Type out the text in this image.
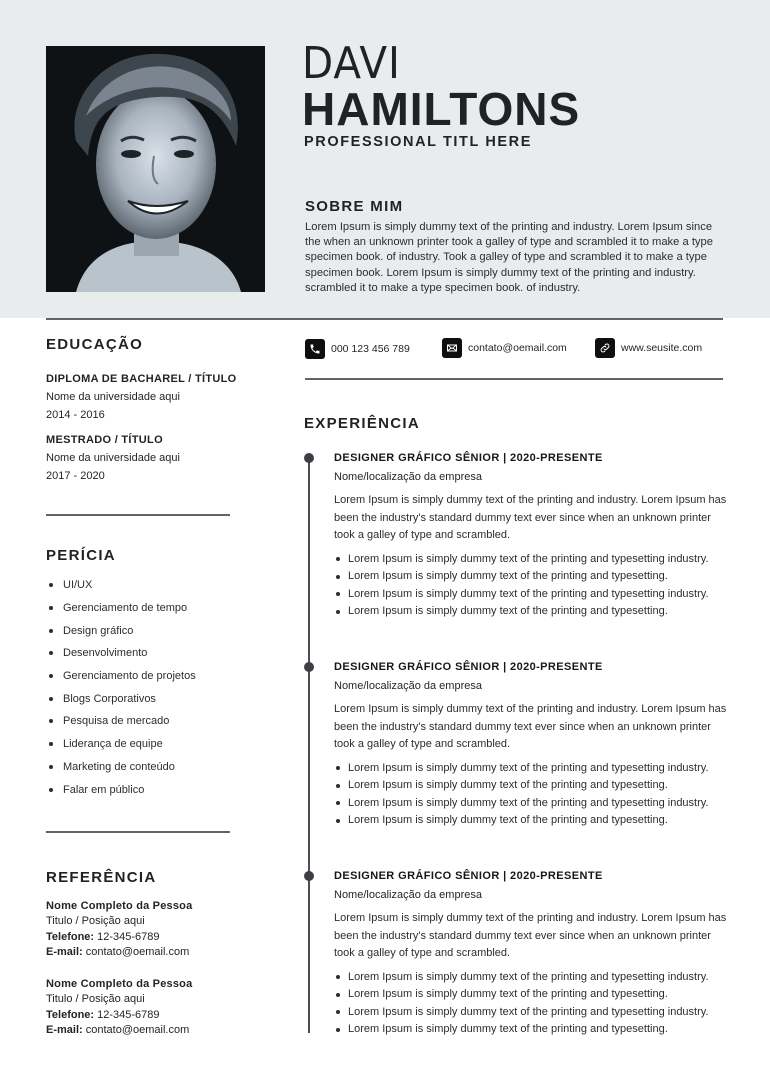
DAVI
HAMILTONS
PROFESSIONAL TITL HERE
SOBRE MIM
Lorem Ipsum is simply dummy text of the printing and industry. Lorem Ipsum since the when an unknown printer took a galley of type and scrambled it to make a type specimen book. of industry. Took a galley of type and scrambled it to make a type specimen book. Lorem Ipsum is simply dummy text of the printing and industry. scrambled it to make a type specimen book. of industry.
000 123 456 789	contato@oemail.com	www.seusite.com
EDUCAÇÃO
DIPLOMA DE BACHAREL / TÍTULO
Nome da universidade aqui
2014 - 2016
MESTRADO / TÍTULO
Nome da universidade aqui
2017 - 2020
PERÍCIA
UI/UX
Gerenciamento de tempo
Design gráfico
Desenvolvimento
Gerenciamento de projetos
Blogs Corporativos
Pesquisa de mercado
Liderança de equipe
Marketing de conteúdo
Falar em público
REFERÊNCIA
Nome Completo da Pessoa
Titulo / Posição aqui
Telefone: 12-345-6789
E-mail: contato@oemail.com
Nome Completo da Pessoa
Titulo / Posição aqui
Telefone: 12-345-6789
E-mail: contato@oemail.com
EXPERIÊNCIA
DESIGNER GRÁFICO SÊNIOR | 2020-PRESENTE
Nome/localização da empresa
Lorem Ipsum is simply dummy text of the printing and industry. Lorem Ipsum has been the industry's standard dummy text ever since when an unknown printer took a galley of type and scrambled.
Lorem Ipsum is simply dummy text of the printing and typesetting industry.
Lorem Ipsum is simply dummy text of the printing and typesetting.
Lorem Ipsum is simply dummy text of the printing and typesetting industry.
Lorem Ipsum is simply dummy text of the printing and typesetting.
DESIGNER GRÁFICO SÊNIOR | 2020-PRESENTE
Nome/localização da empresa
Lorem Ipsum is simply dummy text of the printing and industry. Lorem Ipsum has been the industry's standard dummy text ever since when an unknown printer took a galley of type and scrambled.
Lorem Ipsum is simply dummy text of the printing and typesetting industry.
Lorem Ipsum is simply dummy text of the printing and typesetting.
Lorem Ipsum is simply dummy text of the printing and typesetting industry.
Lorem Ipsum is simply dummy text of the printing and typesetting.
DESIGNER GRÁFICO SÊNIOR | 2020-PRESENTE
Nome/localização da empresa
Lorem Ipsum is simply dummy text of the printing and industry. Lorem Ipsum has been the industry's standard dummy text ever since when an unknown printer took a galley of type and scrambled.
Lorem Ipsum is simply dummy text of the printing and typesetting industry.
Lorem Ipsum is simply dummy text of the printing and typesetting.
Lorem Ipsum is simply dummy text of the printing and typesetting industry.
Lorem Ipsum is simply dummy text of the printing and typesetting.
